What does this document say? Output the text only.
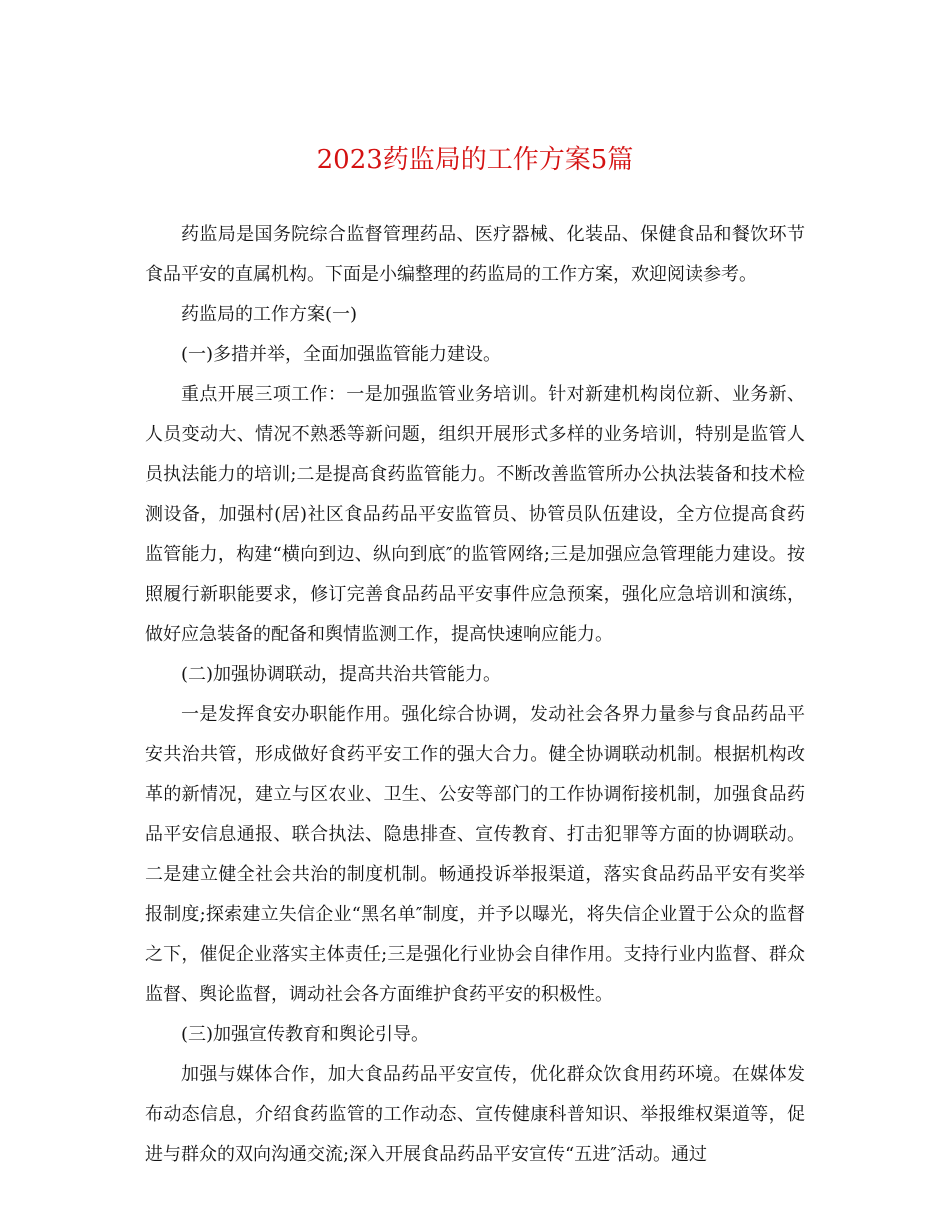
2023药监局的工作方案5篇

药监局是国务院综合监督管理药品、医疗器械、化装品、保健食品和餐饮环节食品平安的直属机构。下面是小编整理的药监局的工作方案，欢迎阅读参考。

药监局的工作方案(一)

(一)多措并举，全面加强监管能力建设。

重点开展三项工作：一是加强监管业务培训。针对新建机构岗位新、业务新、人员变动大、情况不熟悉等新问题，组织开展形式多样的业务培训，特别是监管人员执法能力的培训;二是提高食药监管能力。不断改善监管所办公执法装备和技术检测设备，加强村(居)社区食品药品平安监管员、协管员队伍建设，全方位提高食药监管能力，构建“横向到边、纵向到底″的监管网络;三是加强应急管理能力建设。按照履行新职能要求，修订完善食品药品平安事件应急预案，强化应急培训和演练，做好应急装备的配备和舆情监测工作，提高快速响应能力。

(二)加强协调联动，提高共治共管能力。

一是发挥食安办职能作用。强化综合协调，发动社会各界力量参与食品药品平安共治共管，形成做好食药平安工作的强大合力。健全协调联动机制。根据机构改革的新情况，建立与区农业、卫生、公安等部门的工作协调衔接机制，加强食品药品平安信息通报、联合执法、隐患排查、宣传教育、打击犯罪等方面的协调联动。二是建立健全社会共治的制度机制。畅通投诉举报渠道，落实食品药品平安有奖举报制度;探索建立失信企业“黑名单″制度，并予以曝光，将失信企业置于公众的监督之下，催促企业落实主体责任;三是强化行业协会自律作用。支持行业内监督、群众监督、舆论监督，调动社会各方面维护食药平安的积极性。

(三)加强宣传教育和舆论引导。

加强与媒体合作，加大食品药品平安宣传，优化群众饮食用药环境。在媒体发布动态信息，介绍食药监管的工作动态、宣传健康科普知识、举报维权渠道等，促进与群众的双向沟通交流;深入开展食品药品平安宣传“五进″活动。通过
